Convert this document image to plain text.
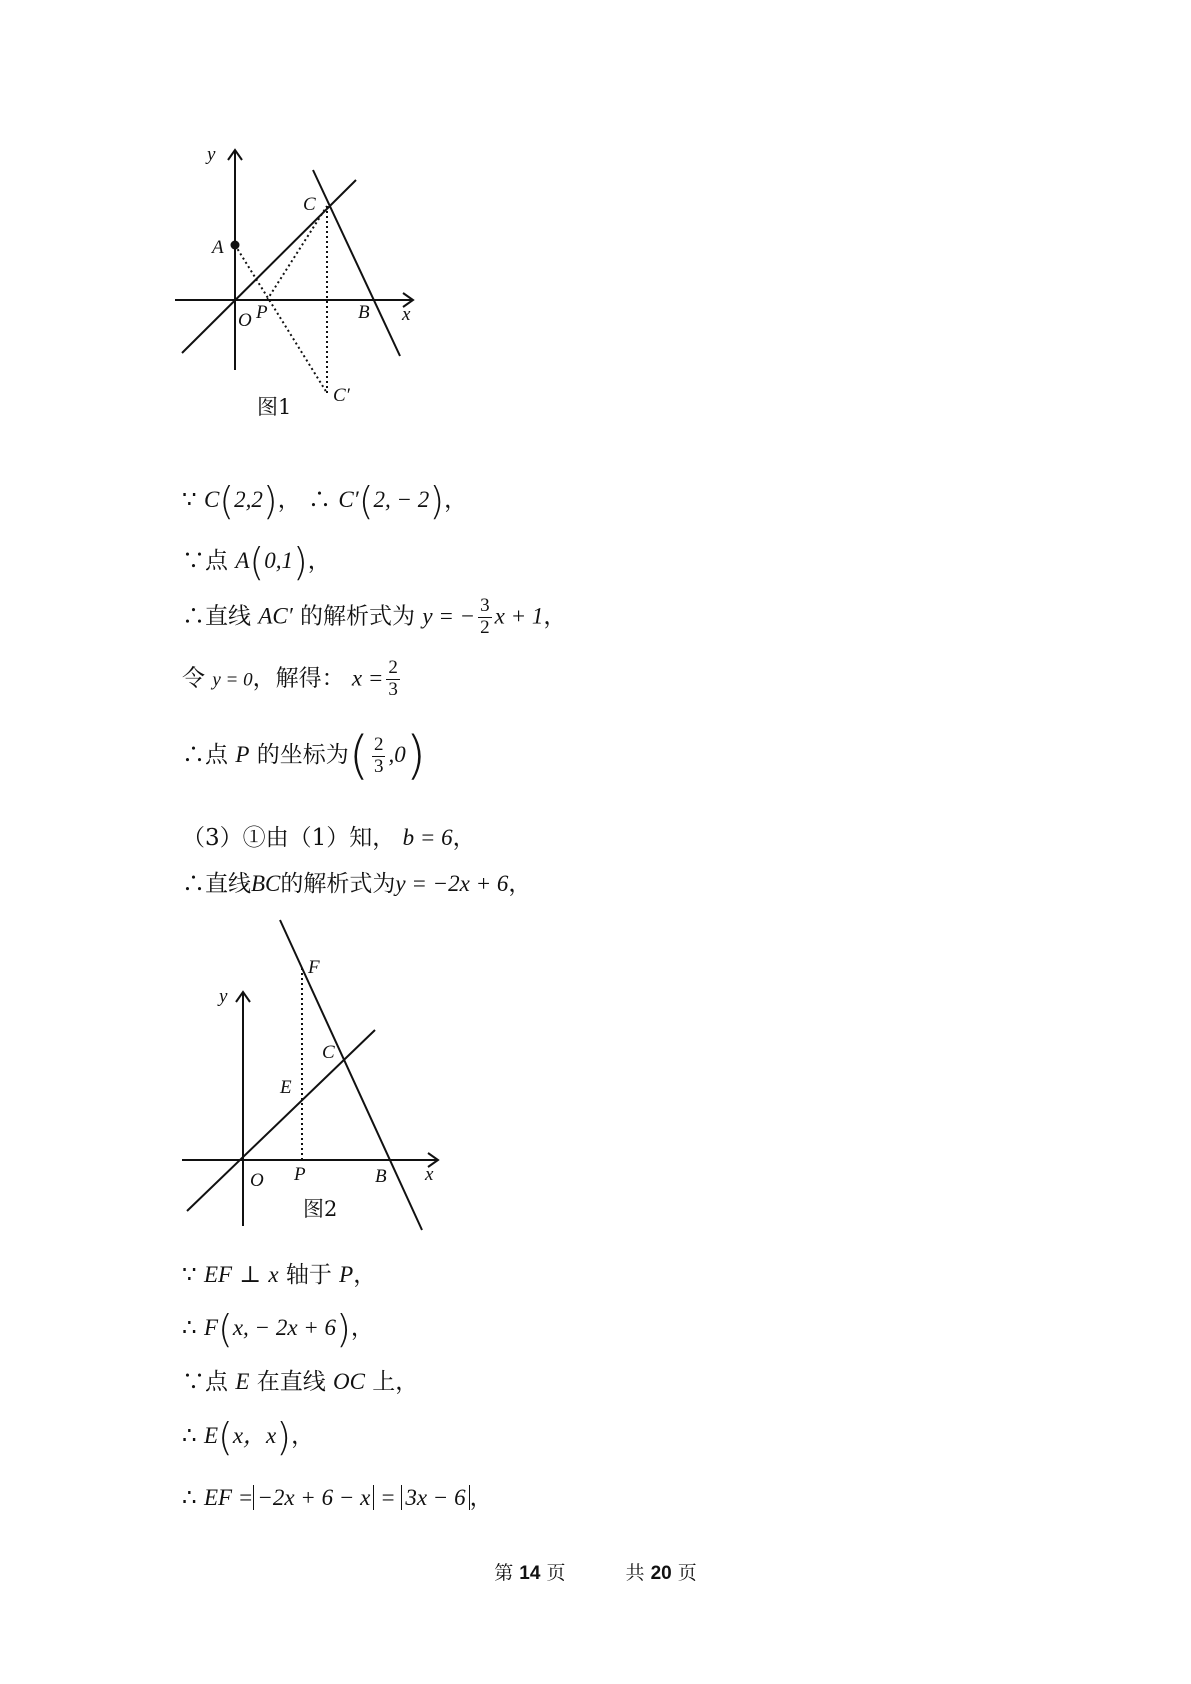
y
x
O P
A
C
B
C′
图1
∵ C(2,2)， ∴ C′(2, − 2)，
∵点 A(0,1)，
∴直线 AC′ 的解析式为 y = − $\frac{3}{2}$ x + 1，
令 y = 0，解得： $x = \frac{2}{3}$
∴点 P 的坐标为( $\frac{2}{3} ,0$)
（3）①由（1）知， b = 6，
∴直线BC的解析式为y = −2x + 6，
y
x
O P
E
C
F
B
图2
∵ EF ⊥ x 轴于 P，
∴ F(x, − 2x + 6)，
∵点 E 在直线 OC 上，
∴ E(x，x)，
∴ EF = −2x + 6 − x = 3x − 6 ，
第 14 页	共 20 页
